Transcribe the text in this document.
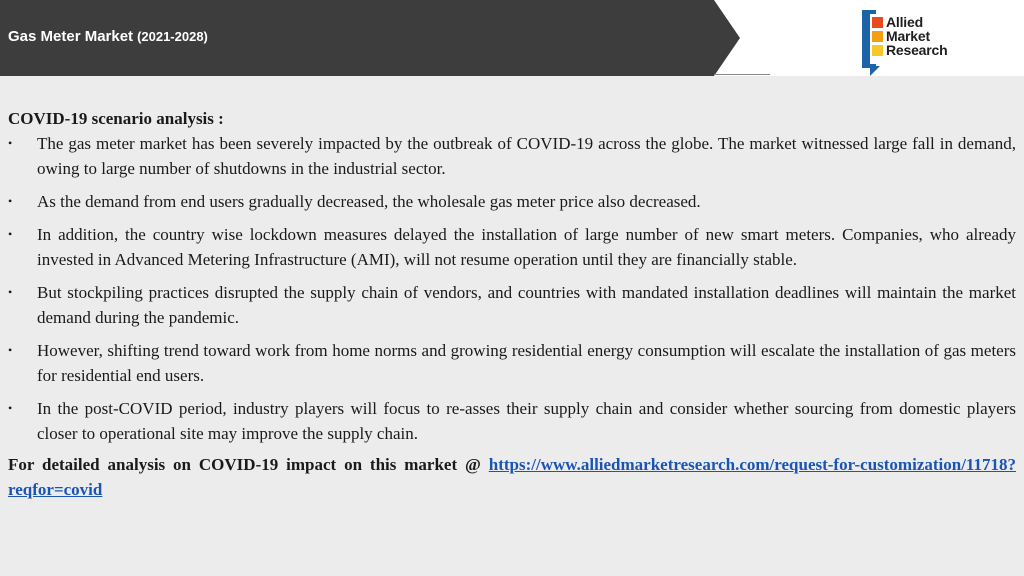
Gas Meter Market (2021-2028)
Allied
Market
Research

COVID-19 scenario analysis :

• The gas meter market has been severely impacted by the outbreak of COVID-19 across the globe. The market witnessed large fall in demand, owing to large number of shutdowns in the industrial sector.
• As the demand from end users gradually decreased, the wholesale gas meter price also decreased.
• In addition, the country wise lockdown measures delayed the installation of large number of new smart meters. Companies, who already invested in Advanced Metering Infrastructure (AMI), will not resume operation until they are financially stable.
• But stockpiling practices disrupted the supply chain of vendors, and countries with mandated installation deadlines will maintain the market demand during the pandemic.
• However, shifting trend toward work from home norms and growing residential energy consumption will escalate the installation of gas meters for residential end users.
• In the post-COVID period, industry players will focus to re-asses their supply chain and consider whether sourcing from domestic players closer to operational site may improve the supply chain.

For detailed analysis on COVID-19 impact on this market @ https://www.alliedmarketresearch.com/request-for-customization/11718?reqfor=covid
